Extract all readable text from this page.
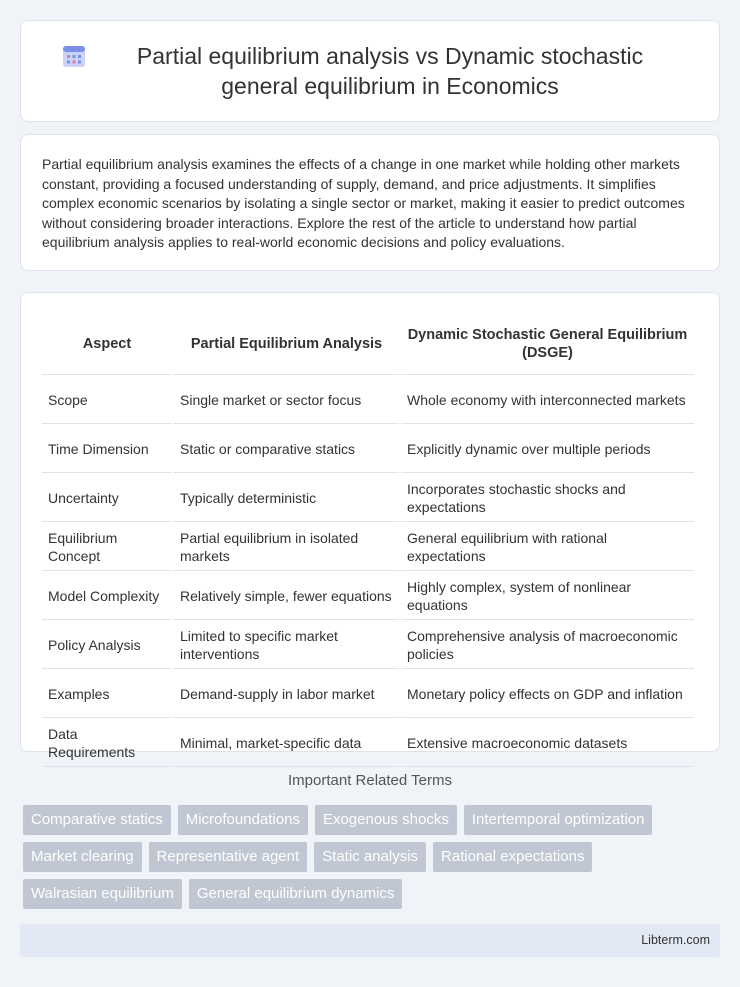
Partial equilibrium analysis vs Dynamic stochastic general equilibrium in Economics

Partial equilibrium analysis examines the effects of a change in one market while holding other markets constant, providing a focused understanding of supply, demand, and price adjustments. It simplifies complex economic scenarios by isolating a single sector or market, making it easier to predict outcomes without considering broader interactions. Explore the rest of the article to understand how partial equilibrium analysis applies to real-world economic decisions and policy evaluations.

Aspect	Partial Equilibrium Analysis	Dynamic Stochastic General Equilibrium (DSGE)
Scope	Single market or sector focus	Whole economy with interconnected markets
Time Dimension	Static or comparative statics	Explicitly dynamic over multiple periods
Uncertainty	Typically deterministic	Incorporates stochastic shocks and expectations
Equilibrium Concept	Partial equilibrium in isolated markets	General equilibrium with rational expectations
Model Complexity	Relatively simple, fewer equations	Highly complex, system of nonlinear equations
Policy Analysis	Limited to specific market interventions	Comprehensive analysis of macroeconomic policies
Examples	Demand-supply in labor market	Monetary policy effects on GDP and inflation
Data Requirements	Minimal, market-specific data	Extensive macroeconomic datasets
Important Related Terms
Comparative statics	Microfoundations	Exogenous shocks	Intertemporal optimization
Market clearing	Representative agent	Static analysis	Rational expectations
Walrasian equilibrium	General equilibrium dynamics
Libterm.com
